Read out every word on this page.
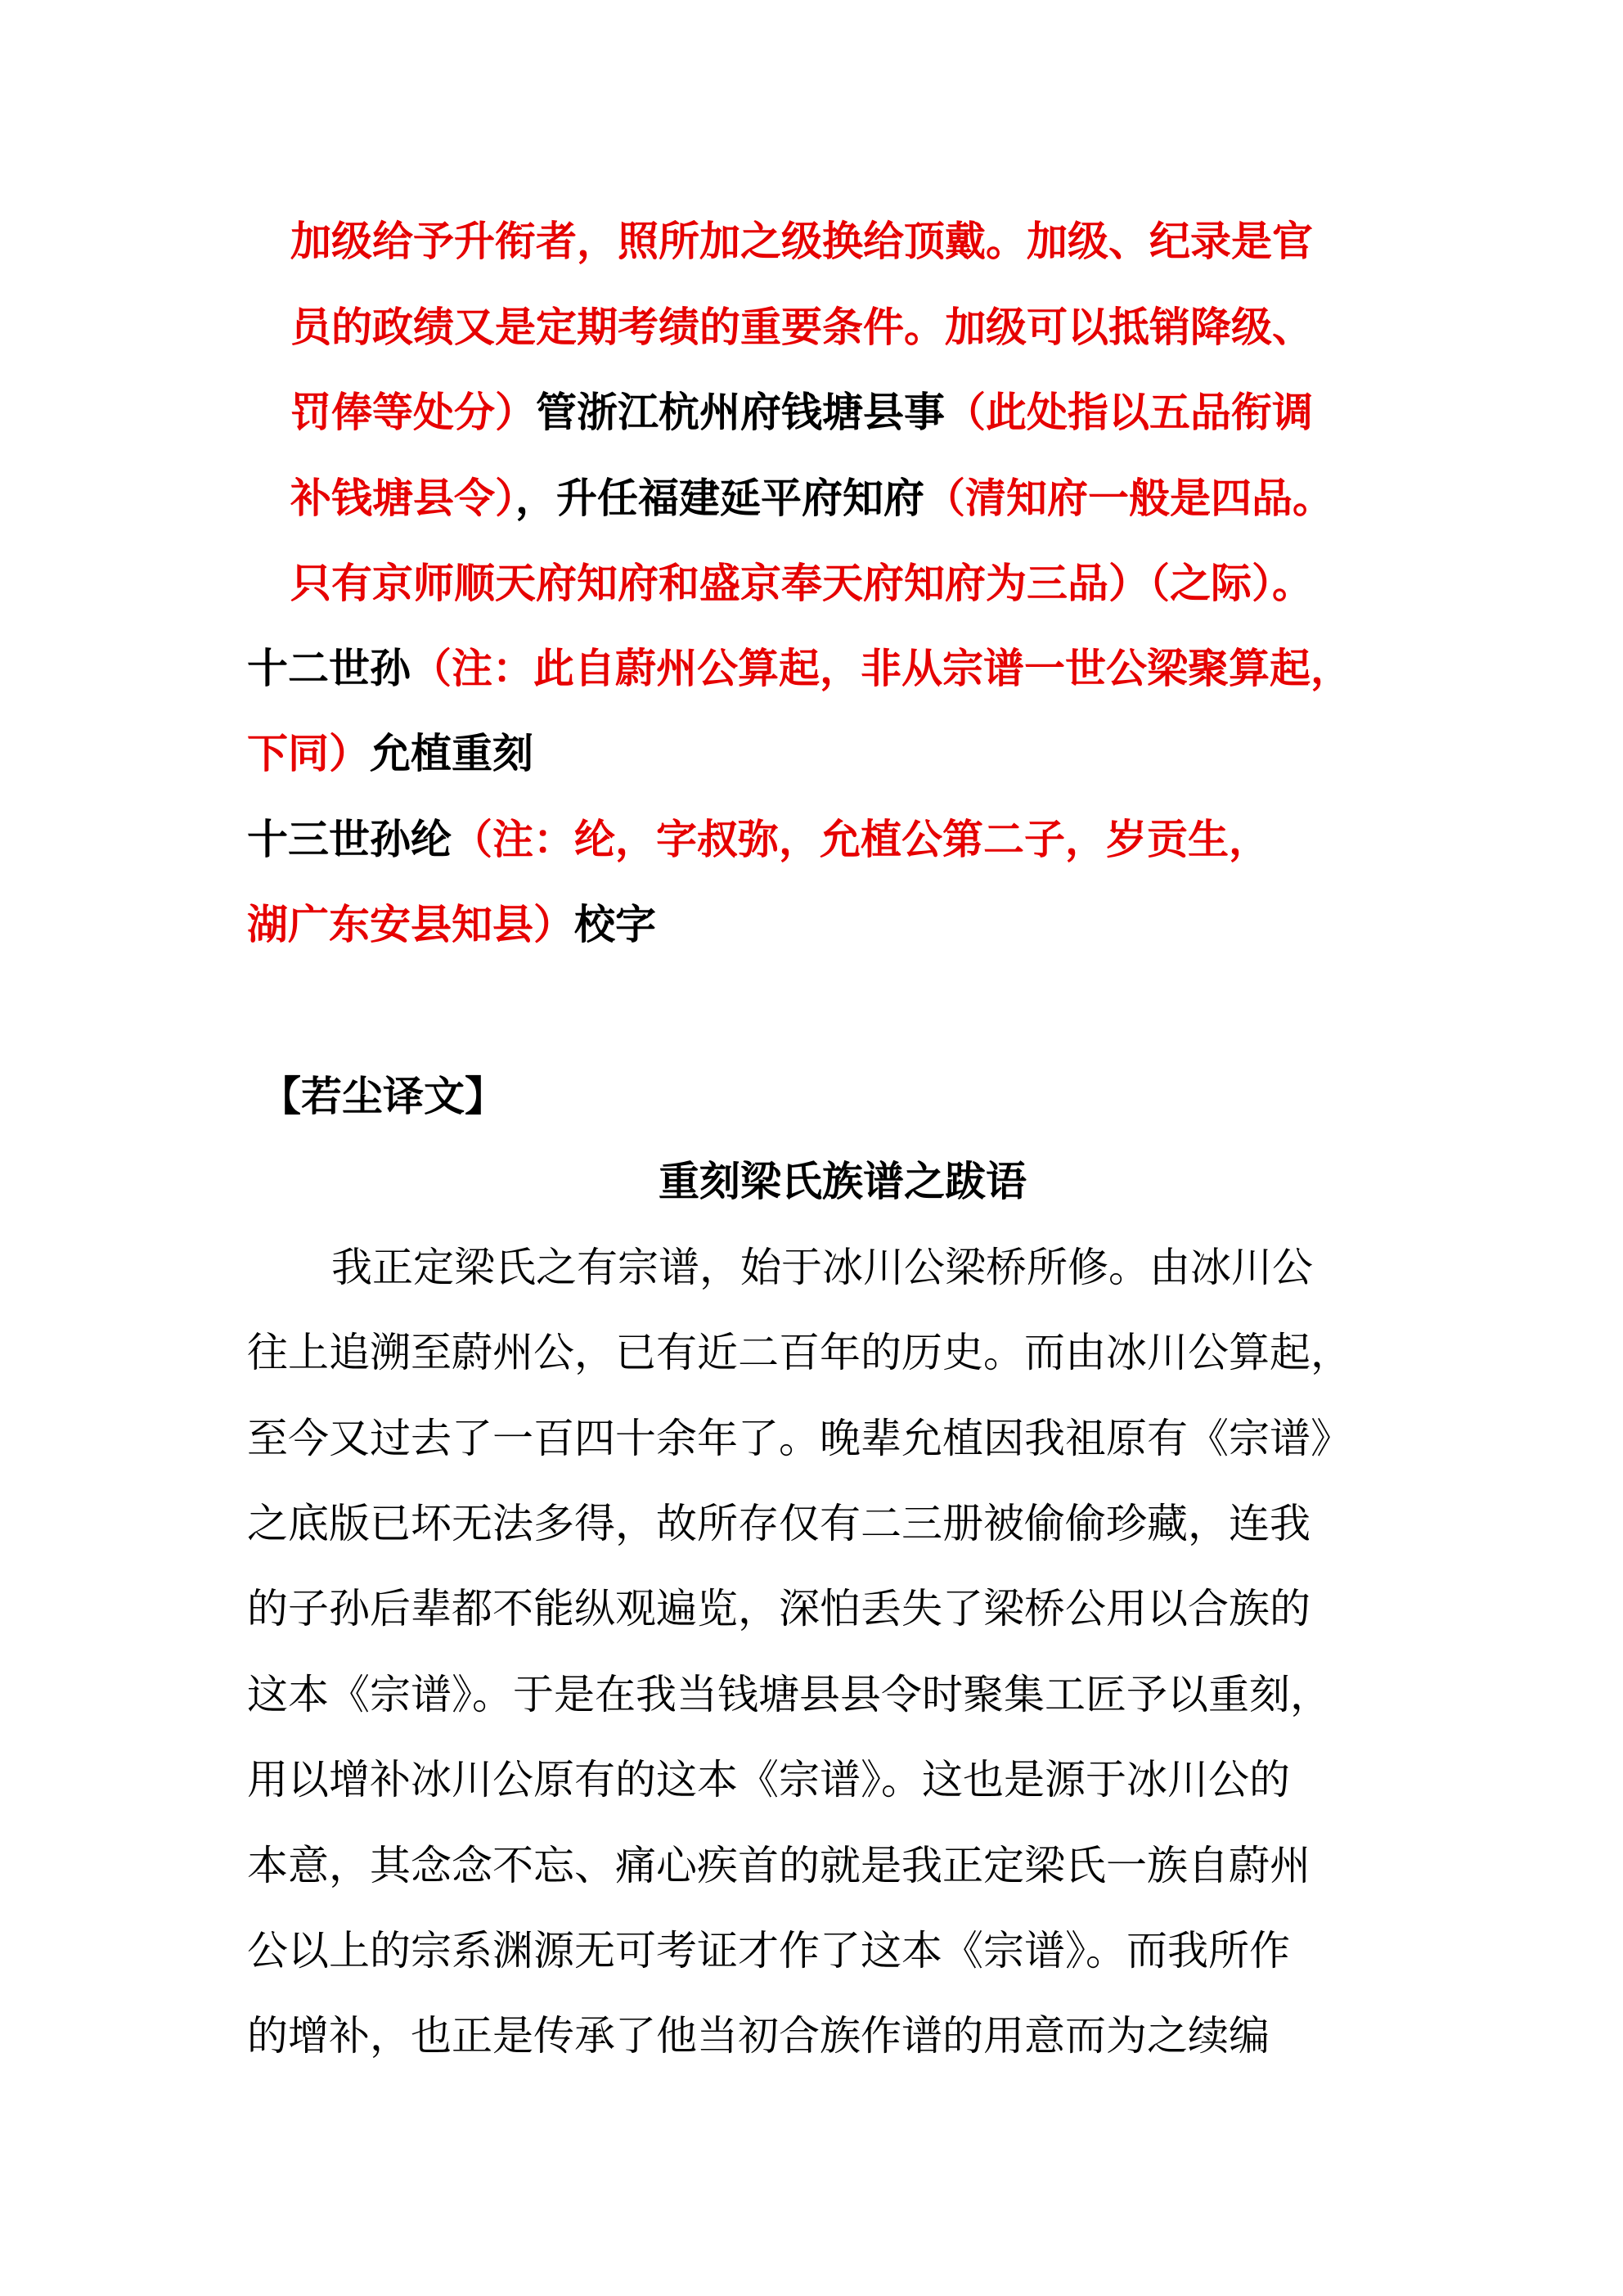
加级给予升衔者，照所加之级换给顶戴。加级、纪录是官
员的政绩又是定期考绩的重要条件。加级可以抵销降级、
罚俸等处分）管浙江杭州府钱塘县事（此处指以五品衔调
补钱塘县令），升任福建延平府知府（清知府一般是四品。
只有京师顺天府知府和盛京奉天府知府为三品）（之际）。
十二世孙（注：此自蔚州公算起，非从宗谱一世公梁聚算起，
下同）允植重刻
十三世孙纶（注：纶，字叔弥，允植公第二子，岁贡生，
湖广东安县知县）校字
【若尘译文】
重刻梁氏族谱之跋语
我正定梁氏之有宗谱，始于冰川公梁桥所修。由冰川公
往上追溯至蔚州公，已有近二百年的历史。而由冰川公算起，
至今又过去了一百四十余年了。晚辈允植因我祖原有《宗谱》
之底版已坏无法多得，故所存仅有二三册被偷偷珍藏，连我
的子孙后辈都不能纵观遍览，深怕丢失了梁桥公用以合族的
这本《宗谱》。于是在我当钱塘县县令时聚集工匠予以重刻，
用以增补冰川公原有的这本《宗谱》。这也是源于冰川公的
本意，其念念不忘、痛心疾首的就是我正定梁氏一族自蔚州
公以上的宗系渊源无可考证才作了这本《宗谱》。而我所作
的增补，也正是传承了他当初合族作谱的用意而为之续编
